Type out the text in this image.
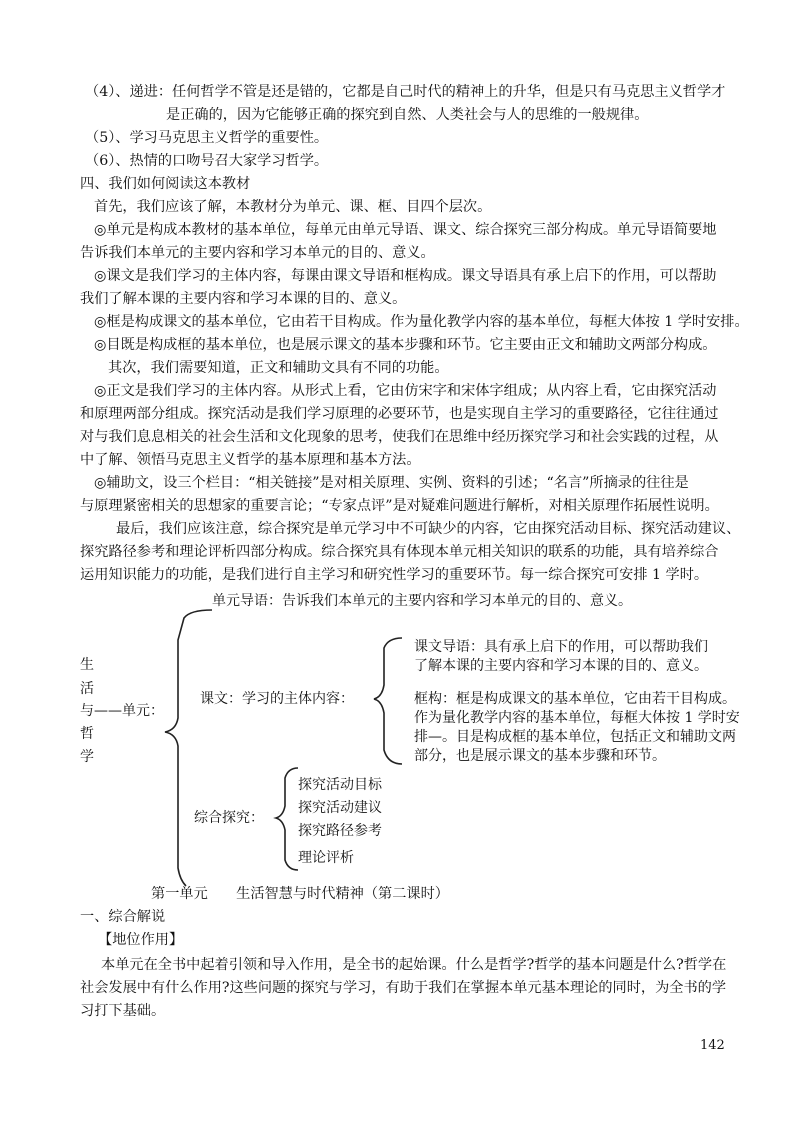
（4）、递进：任何哲学不管是还是错的，它都是自己时代的精神上的升华，但是只有马克思主义哲学才
是正确的，因为它能够正确的探究到自然、人类社会与人的思维的一般规律。
（5）、学习马克思主义哲学的重要性。
（6）、热情的口吻号召大家学习哲学。
四、我们如何阅读这本教材
首先，我们应该了解，本教材分为单元、课、框、目四个层次。
◎单元是构成本教材的基本单位，每单元由单元导语、课文、综合探究三部分构成。单元导语简要地
告诉我们本单元的主要内容和学习本单元的目的、意义。
◎课文是我们学习的主体内容，每课由课文导语和框构成。课文导语具有承上启下的作用，可以帮助
我们了解本课的主要内容和学习本课的目的、意义。
◎框是构成课文的基本单位，它由若干目构成。作为量化教学内容的基本单位，每框大体按 1 学时安排。
◎目既是构成框的基本单位，也是展示课文的基本步骤和环节。它主要由正文和辅助文两部分构成。
其次，我们需要知道，正文和辅助文具有不同的功能。
◎正文是我们学习的主体内容。从形式上看，它由仿宋字和宋体字组成；从内容上看，它由探究活动
和原理两部分组成。探究活动是我们学习原理的必要环节，也是实现自主学习的重要路径，它往往通过
对与我们息息相关的社会生活和文化现象的思考，使我们在思维中经历探究学习和社会实践的过程，从
中了解、领悟马克思主义哲学的基本原理和基本方法。
◎辅助文，设三个栏目：“相关链接”是对相关原理、实例、资料的引述；“名言”所摘录的往往是
与原理紧密相关的思想家的重要言论；“专家点评”是对疑难问题进行解析，对相关原理作拓展性说明。
最后，我们应该注意，综合探究是单元学习中不可缺少的内容，它由探究活动目标、探究活动建议、
探究路径参考和理论评析四部分构成。综合探究具有体现本单元相关知识的联系的功能，具有培养综合
运用知识能力的功能，是我们进行自主学习和研究性学习的重要环节。每一综合探究可安排 1 学时。
单元导语：告诉我们本单元的主要内容和学习本单元的目的、意义。
生
活
与——单元：
哲
学
课文：学习的主体内容：
课文导语：具有承上启下的作用，可以帮助我们
了解本课的主要内容和学习本课的目的、意义。
框构：框是构成课文的基本单位，它由若干目构成。
作为量化教学内容的基本单位，每框大体按 1 学时安
排—。目是构成框的基本单位，包括正文和辅助文两
部分，也是展示课文的基本步骤和环节。
综合探究：
探究活动目标
探究活动建议
探究路径参考
理论评析
第一单元　　生活智慧与时代精神（第二课时）
一、综合解说
【地位作用】
本单元在全书中起着引领和导入作用，是全书的起始课。什么是哲学?哲学的基本问题是什么?哲学在
社会发展中有什么作用?这些问题的探究与学习，有助于我们在掌握本单元基本理论的同时，为全书的学
习打下基础。
142
